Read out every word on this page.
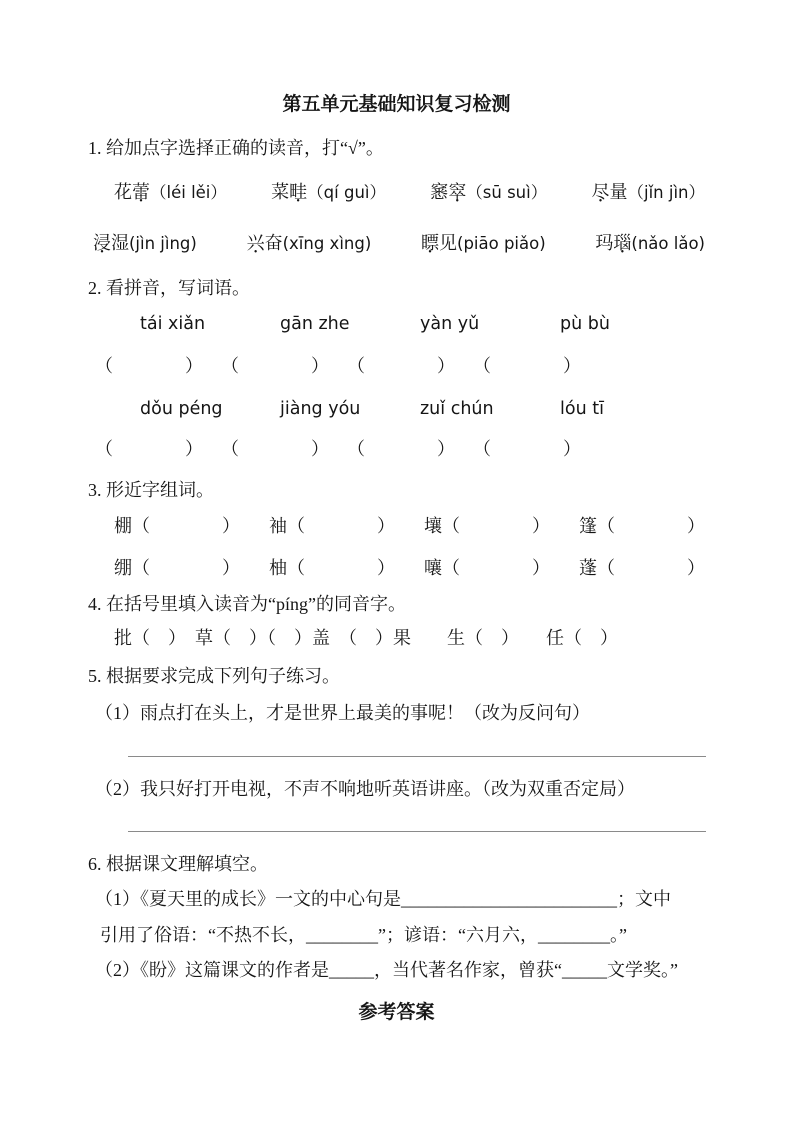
第五单元基础知识复习检测
1. 给加点字选择正确的读音，打“√”。
花蕾（léi lěi） 菜畦（qí guì） 窸窣（sū suì） 尽量（jǐn jìn）
浸湿(jìn jìng)	兴奋(xīng xìng)	瞟见(piāo piǎo)	玛瑙(nǎo lǎo)
2. 看拼音，写词语。
tái xiǎn	gān zhe	yàn yǔ	pù bù
（　　　　）	（　　　　）	（　　　　）	（　　　　）
dǒu péng	jiàng yóu	zuǐ chún	lóu tī
（　　　　）	（　　　　）	（　　　　）	（　　　　）
3. 形近字组词。
棚（　　　　） 袖（　　　　） 壤（　　　　） 篷（　　　　）
绷（　　　　） 柚（　　　　） 嚷（　　　　） 蓬（　　　　）
4. 在括号里填入读音为“píng”的同音字。
批（　）　草（　）（　）盖　（　）果　　生（　）　　任（　）
5. 根据要求完成下列句子练习。
（1）雨点打在头上，才是世界上最美的事呢！（改为反问句）
（2）我只好打开电视，不声不响地听英语讲座。（改为双重否定局）
6. 根据课文理解填空。
（1）《夏天里的成长》一文的中心句是________________________；文中
引用了俗语：“不热不长，________”；谚语：“六月六，________。”
（2）《盼》这篇课文的作者是_____，当代著名作家，曾获“_____文学奖。”
参考答案
